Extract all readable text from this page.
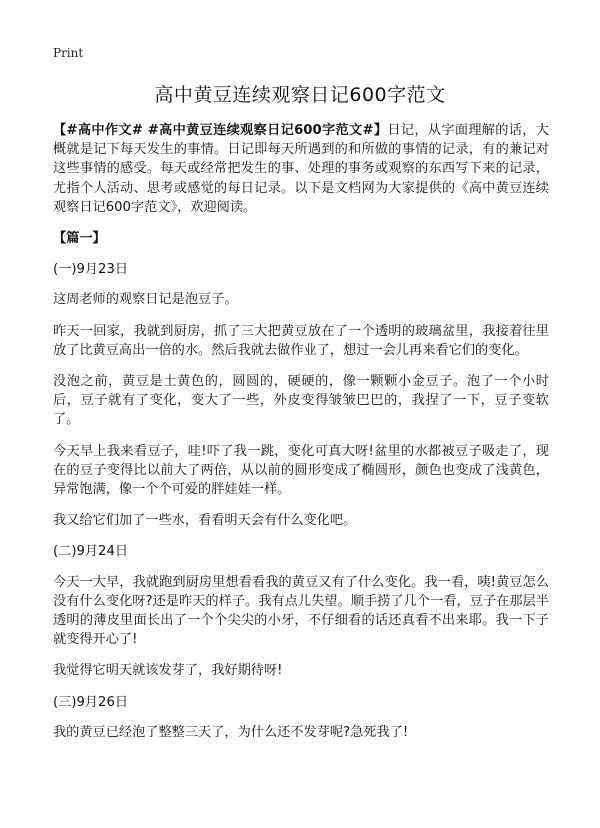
Print
高中黄豆连续观察日记600字范文

【#高中作文# #高中黄豆连续观察日记600字范文#】日记，从字面理解的话，大概就是记下每天发生的事情。日记即每天所遇到的和所做的事情的记录，有的兼记对这些事情的感受。每天或经常把发生的事、处理的事务或观察的东西写下来的记录，尤指个人活动、思考或感觉的每日记录。以下是文档网为大家提供的《高中黄豆连续观察日记600字范文》，欢迎阅读。

【篇一】

(一)9月23日

这周老师的观察日记是泡豆子。

昨天一回家，我就到厨房，抓了三大把黄豆放在了一个透明的玻璃盆里，我接着往里放了比黄豆高出一倍的水。然后我就去做作业了，想过一会儿再来看它们的变化。

没泡之前，黄豆是土黄色的，圆圆的，硬硬的，像一颗颗小金豆子。泡了一个小时后，豆子就有了变化，变大了一些，外皮变得皱皱巴巴的，我捏了一下，豆子变软了。

今天早上我来看豆子，哇!吓了我一跳，变化可真大呀!盆里的水都被豆子吸走了，现在的豆子变得比以前大了两倍，从以前的圆形变成了椭圆形，颜色也变成了浅黄色，异常饱满，像一个个可爱的胖娃娃一样。

我又给它们加了一些水，看看明天会有什么变化吧。

(二)9月24日

今天一大早，我就跑到厨房里想看看我的黄豆又有了什么变化。我一看，咦!黄豆怎么没有什么变化呀?还是昨天的样子。我有点儿失望。顺手捞了几个一看，豆子在那层半透明的薄皮里面长出了一个个尖尖的小牙，不仔细看的话还真看不出来耶。我一下子就变得开心了!

我觉得它明天就该发芽了，我好期待呀!

(三)9月26日

我的黄豆已经泡了整整三天了，为什么还不发芽呢?急死我了!
